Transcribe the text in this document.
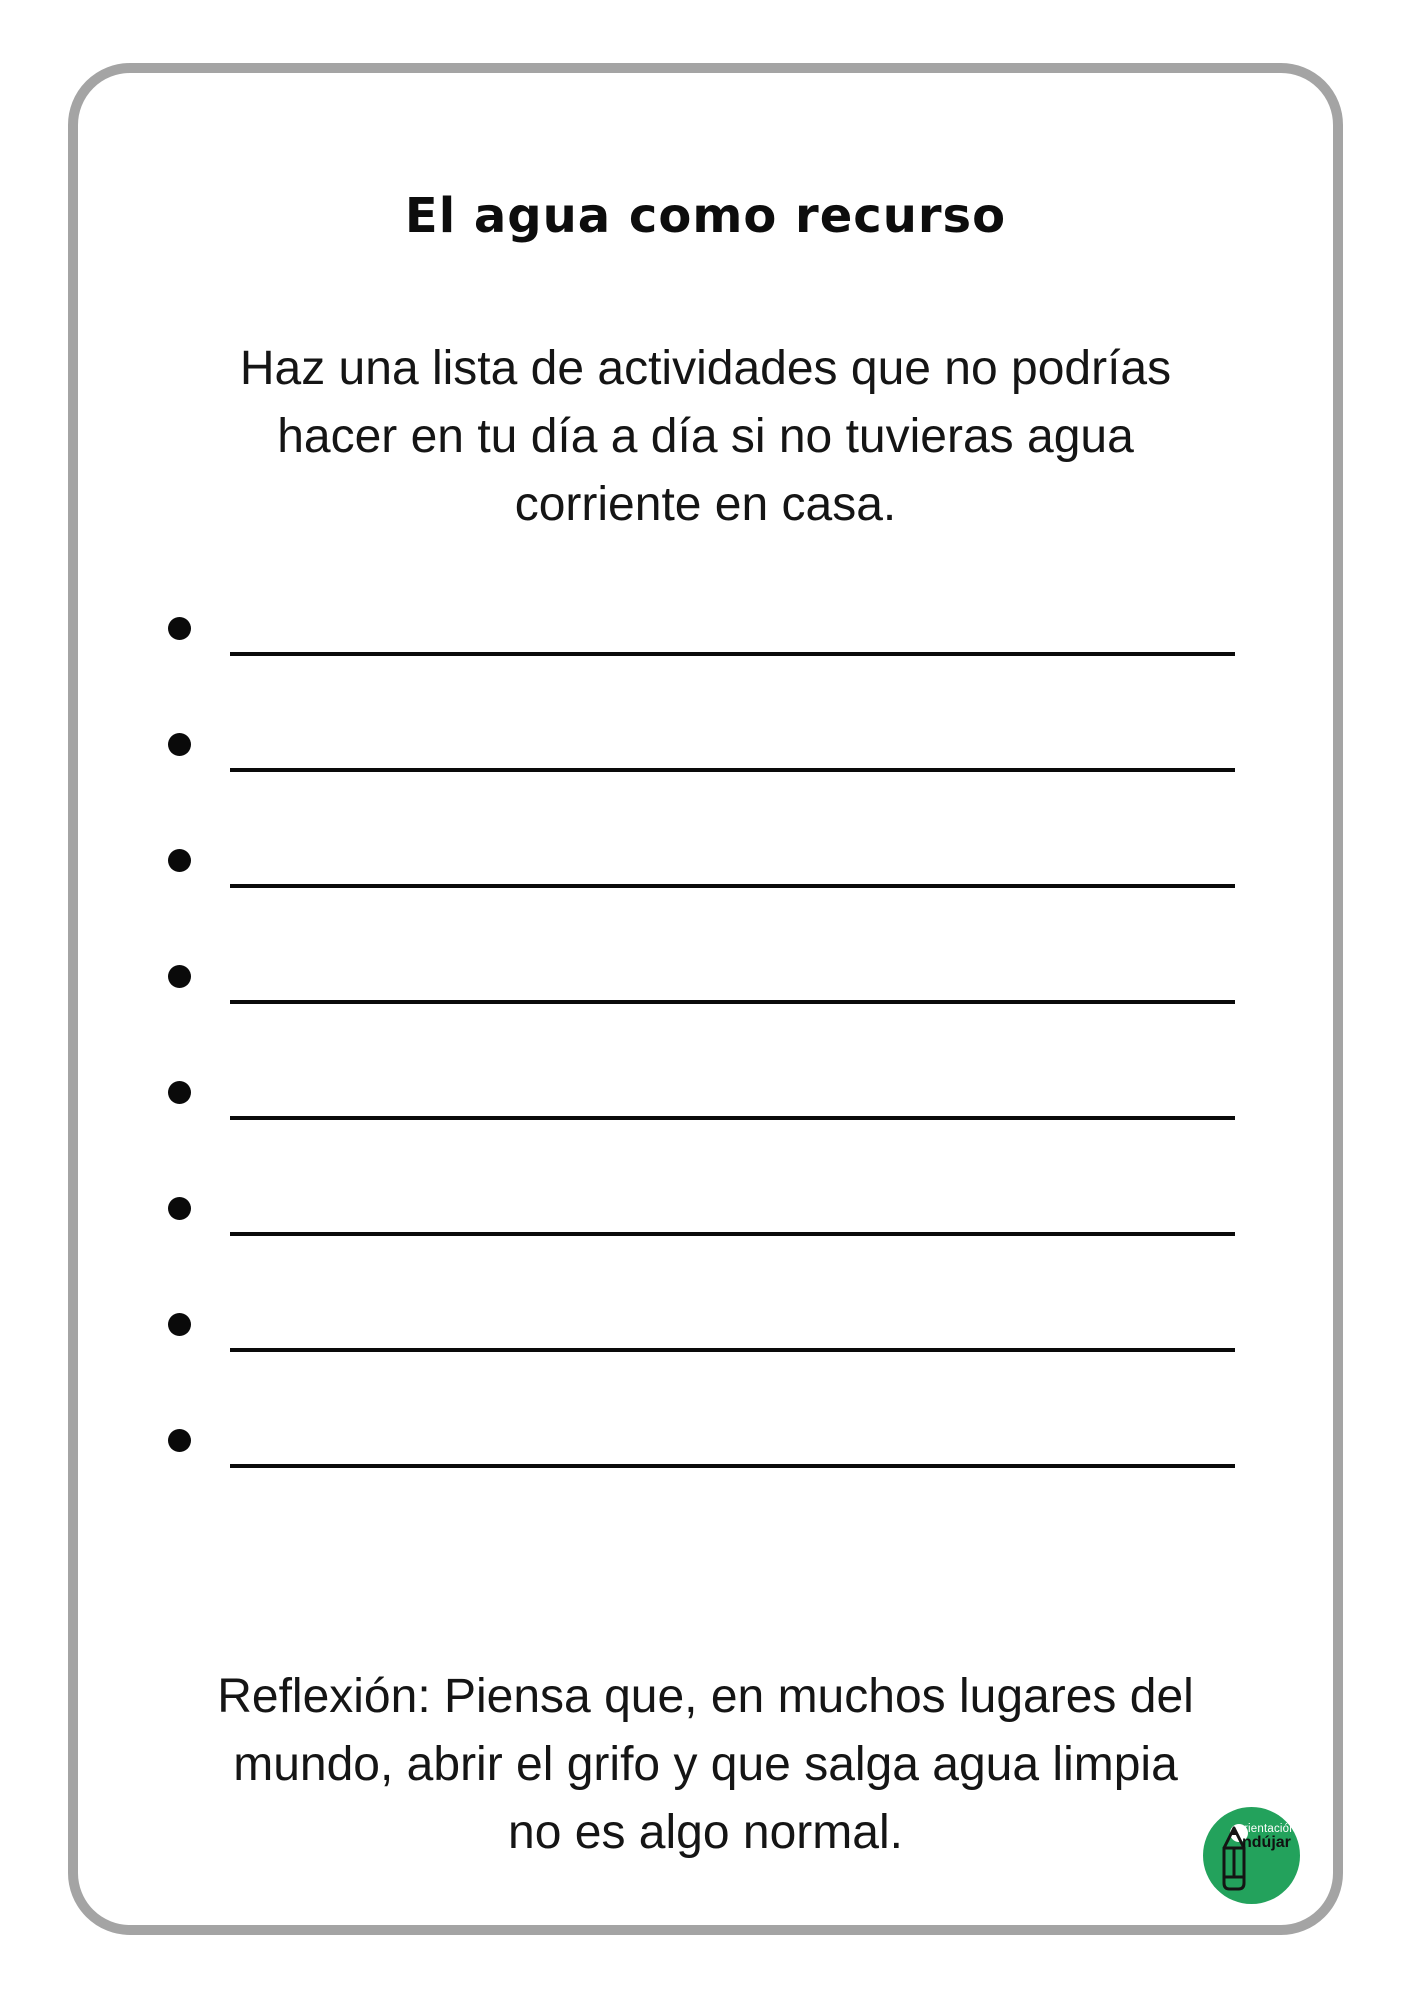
El agua como recurso
Haz una lista de actividades que no podrías
hacer en tu día a día si no tuvieras agua
corriente en casa.
Reflexión: Piensa que, en muchos lugares del
mundo, abrir el grifo y que salga agua limpia
no es algo normal.	rientación
ndújar
